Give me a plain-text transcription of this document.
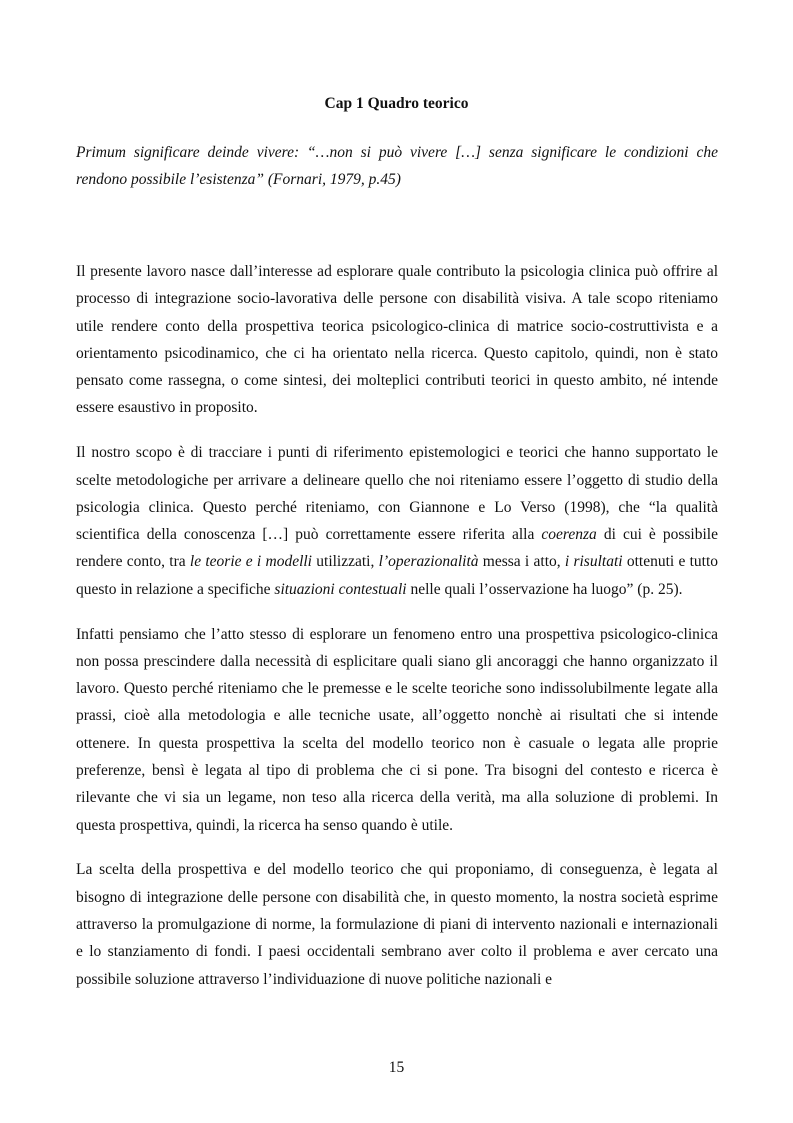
Cap 1 Quadro teorico

Primum significare deinde vivere: “…non si può vivere […] senza significare le condizioni che rendono possibile l’esistenza” (Fornari, 1979, p.45)

Il presente lavoro nasce dall’interesse ad esplorare quale contributo la psicologia clinica può offrire al processo di integrazione socio-lavorativa delle persone con disabilità visiva. A tale scopo riteniamo utile rendere conto della prospettiva teorica psicologico-clinica di matrice socio-costruttivista e a orientamento psicodinamico, che ci ha orientato nella ricerca. Questo capitolo, quindi, non è stato pensato come rassegna, o come sintesi, dei molteplici contributi teorici in questo ambito, né intende essere esaustivo in proposito.

Il nostro scopo è di tracciare i punti di riferimento epistemologici e teorici che hanno supportato le scelte metodologiche per arrivare a delineare quello che noi riteniamo essere l’oggetto di studio della psicologia clinica. Questo perché riteniamo, con Giannone e Lo Verso (1998), che “la qualità scientifica della conoscenza […] può correttamente essere riferita alla coerenza di cui è possibile rendere conto, tra le teorie e i modelli utilizzati, l’operazionalità messa i atto, i risultati ottenuti e tutto questo in relazione a specifiche situazioni contestuali nelle quali l’osservazione ha luogo” (p. 25).

Infatti pensiamo che l’atto stesso di esplorare un fenomeno entro una prospettiva psicologico-clinica non possa prescindere dalla necessità di esplicitare quali siano gli ancoraggi che hanno organizzato il lavoro. Questo perché riteniamo che le premesse e le scelte teoriche sono indissolubilmente legate alla prassi, cioè alla metodologia e alle tecniche usate, all’oggetto nonchè ai risultati che si intende ottenere. In questa prospettiva la scelta del modello teorico non è casuale o legata alle proprie preferenze, bensì è legata al tipo di problema che ci si pone. Tra bisogni del contesto e ricerca è rilevante che vi sia un legame, non teso alla ricerca della verità, ma alla soluzione di problemi. In questa prospettiva, quindi, la ricerca ha senso quando è utile.

La scelta della prospettiva e del modello teorico che qui proponiamo, di conseguenza, è legata al bisogno di integrazione delle persone con disabilità che, in questo momento, la nostra società esprime attraverso la promulgazione di norme, la formulazione di piani di intervento nazionali e internazionali e lo stanziamento di fondi. I paesi occidentali sembrano aver colto il problema e aver cercato una possibile soluzione attraverso l’individuazione di nuove politiche nazionali e

15
